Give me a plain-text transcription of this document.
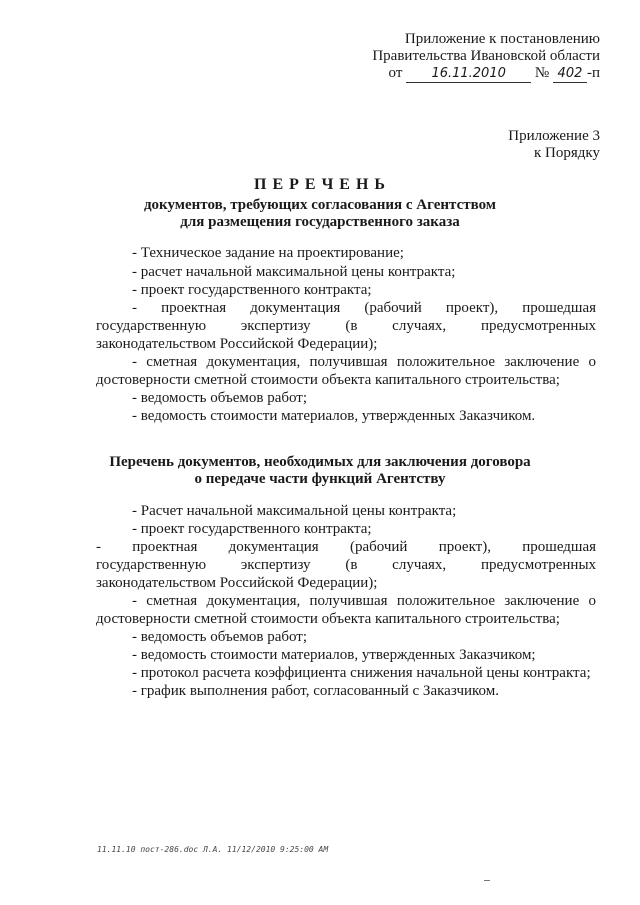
Приложение к постановлению
Правительства Ивановской области
от 16.11.2010 № 402 -п
Приложение 3
к Порядку
П Е Р Е Ч Е Н Ь
документов, требующих согласования с Агентством
для размещения государственного заказа
- Техническое задание на проектирование;
- расчет начальной максимальной цены контракта;
- проект государственного контракта;
- проектная документация (рабочий проект), прошедшая
государственную экспертизу (в случаях, предусмотренных
законодательством Российской Федерации);
- сметная документация, получившая положительное заключение о
достоверности сметной стоимости объекта капитального строительства;
- ведомость объемов работ;
- ведомость стоимости материалов, утвержденных Заказчиком.
Перечень документов, необходимых для заключения договора
о передаче части функций Агентству
- Расчет начальной максимальной цены контракта;
- проект государственного контракта;
- проектная документация (рабочий проект), прошедшая
государственную экспертизу (в случаях, предусмотренных
законодательством Российской Федерации);
- сметная документация, получившая положительное заключение о
достоверности сметной стоимости объекта капитального строительства;
- ведомость объемов работ;
- ведомость стоимости материалов, утвержденных Заказчиком;
- протокол расчета коэффициента снижения начальной цены контракта;
- график выполнения работ, согласованный с Заказчиком.
11.11.10 пост-286.doc Л.А. 11/12/2010 9:25:00 AM
